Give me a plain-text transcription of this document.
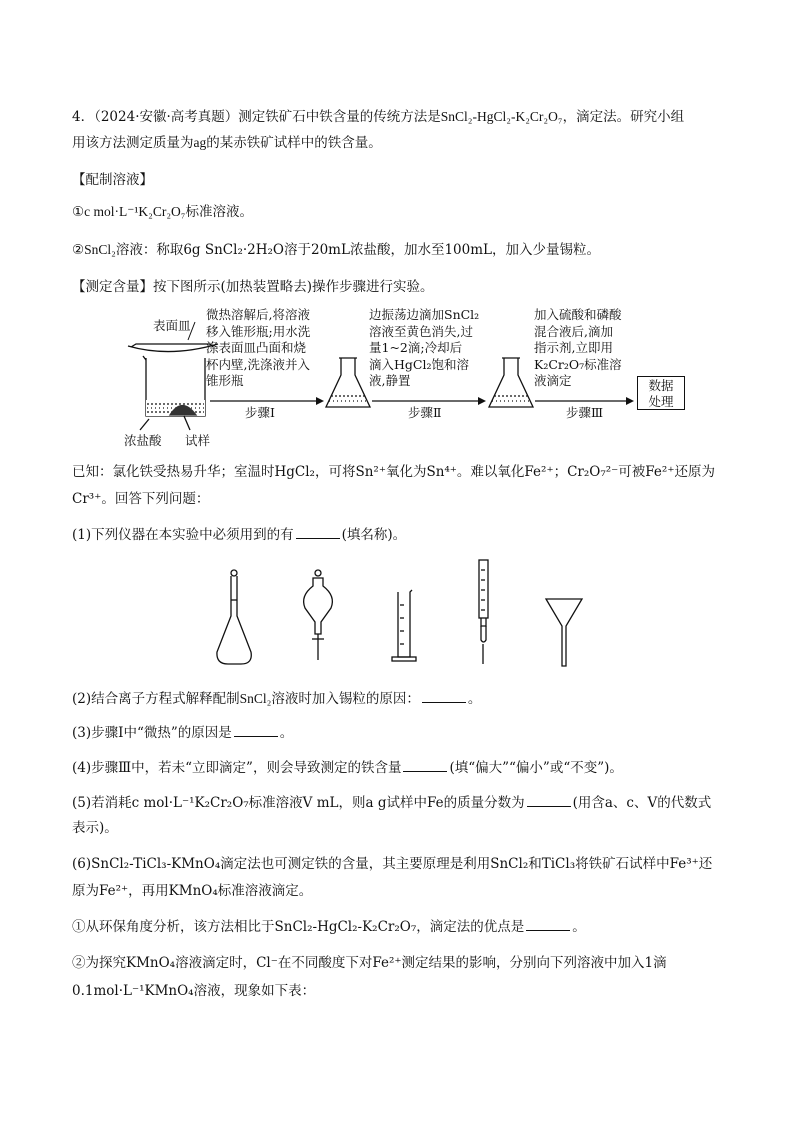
4．（2024·安徽·高考真题）测定铁矿石中铁含量的传统方法是SnCl₂-HgCl₂-K₂Cr₂O₇，滴定法。研究小组
用该方法测定质量为ag的某赤铁矿试样中的铁含量。
【配制溶液】
①c mol·L⁻¹K₂Cr₂O₇标准溶液。
②SnCl₂溶液：称取6g SnCl₂·2H₂O溶于20mL浓盐酸，加水至100mL，加入少量锡粒。
【测定含量】按下图所示(加热装置略去)操作步骤进行实验。
表面皿
浓盐酸 试样
微热溶解后,将溶液
移入锥形瓶;用水洗
涤表面皿凸面和烧
杯内壁,洗涤液并入
锥形瓶
步骤Ⅰ
边振荡边滴加SnCl₂
溶液至黄色消失,过
量1~2滴;冷却后
滴入HgCl₂饱和溶
液,静置
步骤Ⅱ
加入硫酸和磷酸
混合液后,滴加
指示剂,立即用
K₂Cr₂O₇标准溶
液滴定
步骤Ⅲ
数据
处理
已知：氯化铁受热易升华；室温时HgCl₂，可将Sn²⁺氧化为Sn⁴⁺。难以氧化Fe²⁺；Cr₂O₇²⁻可被Fe²⁺还原为
Cr³⁺。回答下列问题：
(1)下列仪器在本实验中必须用到的有	(填名称)。
(2)结合离子方程式解释配制SnCl₂溶液时加入锡粒的原因：	。
(3)步骤Ⅰ中“微热”的原因是	。
(4)步骤Ⅲ中，若未“立即滴定”，则会导致测定的铁含量	(填“偏大”“偏小”或“不变”)。
(5)若消耗c mol·L⁻¹K₂Cr₂O₇标准溶液V mL，则a g试样中Fe的质量分数为	(用含a、c、V的代数式
表示)。
(6)SnCl₂-TiCl₃-KMnO₄滴定法也可测定铁的含量，其主要原理是利用SnCl₂和TiCl₃将铁矿石试样中Fe³⁺还
原为Fe²⁺，再用KMnO₄标准溶液滴定。
①从环保角度分析，该方法相比于SnCl₂-HgCl₂-K₂Cr₂O₇，滴定法的优点是	。
②为探究KMnO₄溶液滴定时，Cl⁻在不同酸度下对Fe²⁺测定结果的影响，分别向下列溶液中加入1滴
0.1mol·L⁻¹KMnO₄溶液，现象如下表：
